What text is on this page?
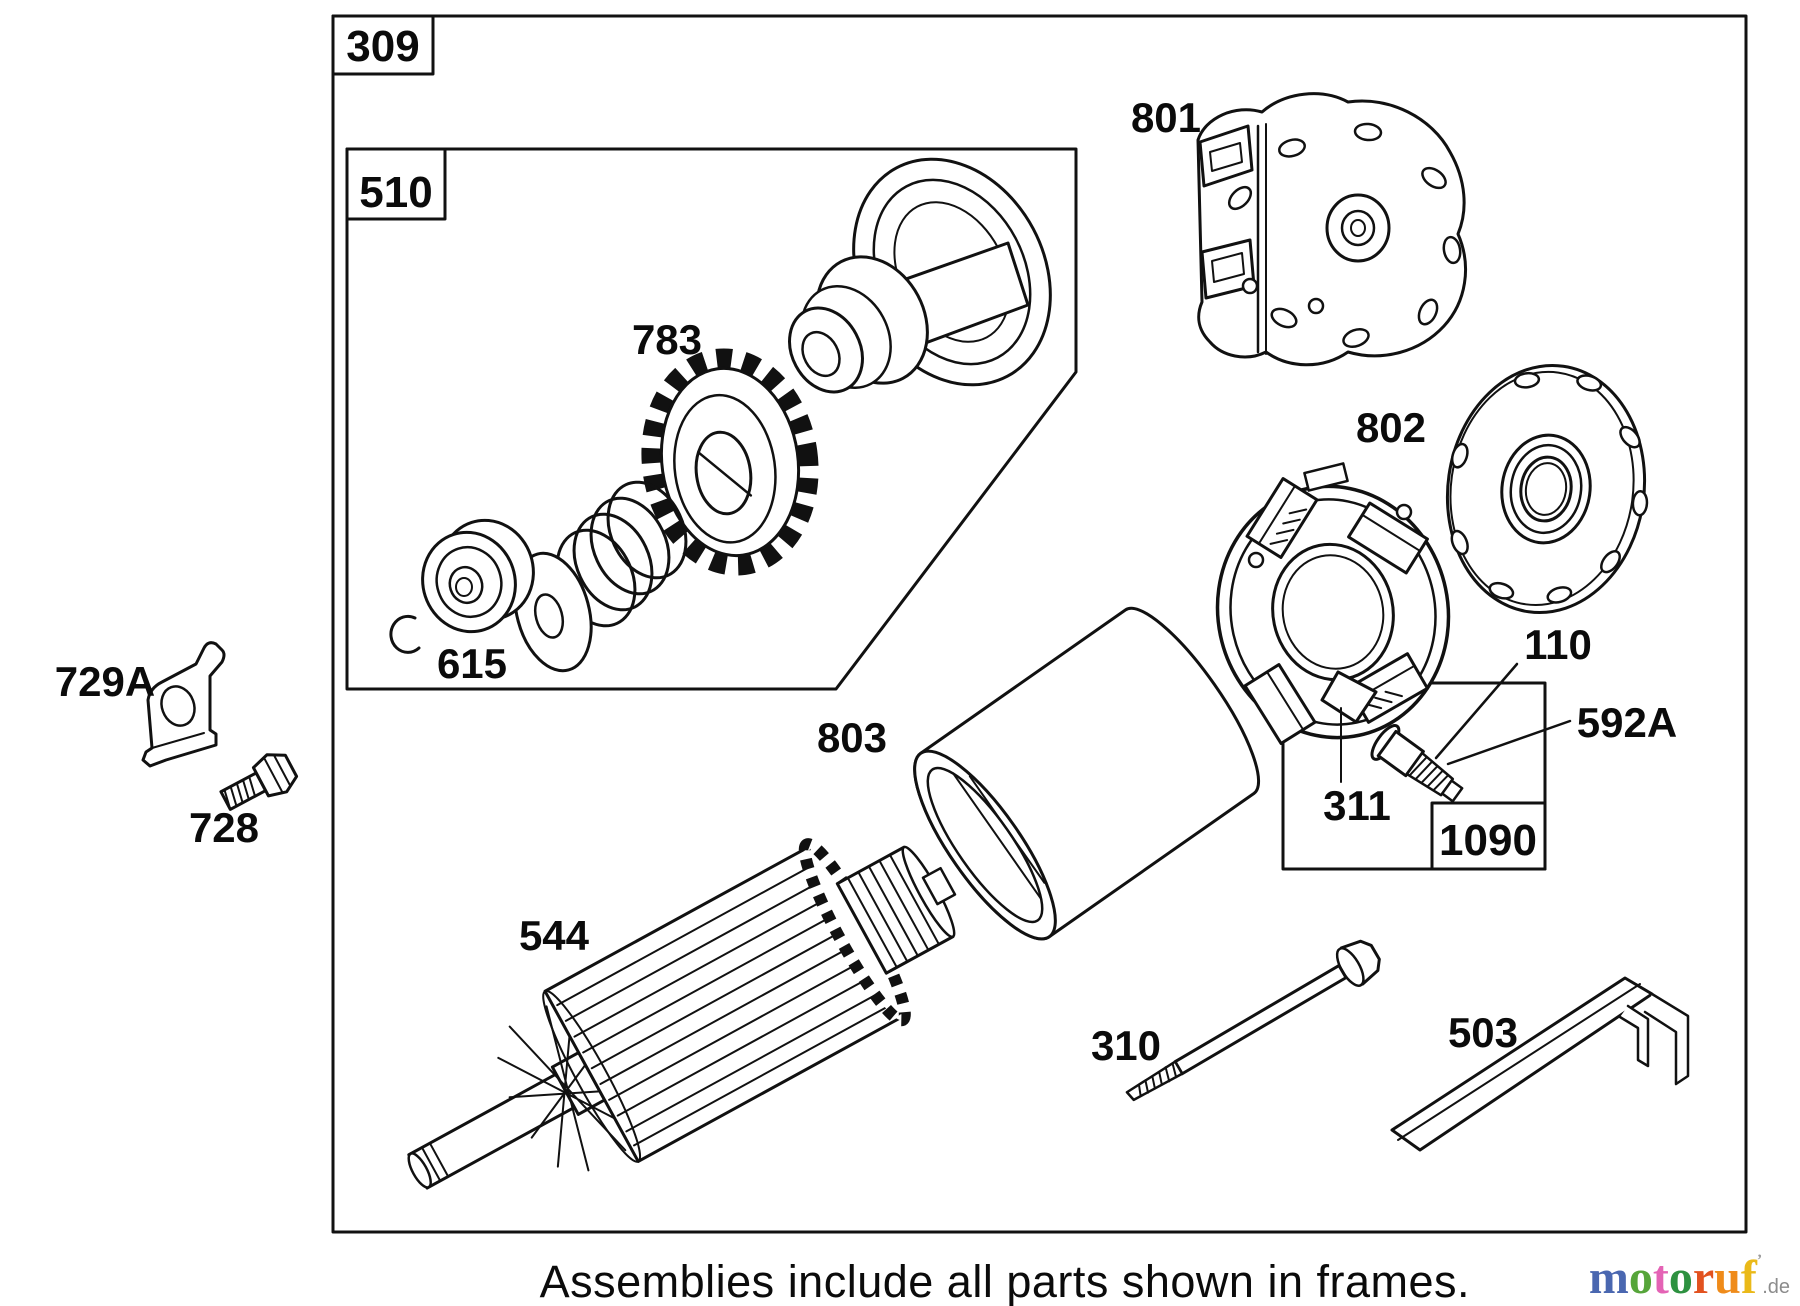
309
510
1090
783
615
801
802
110
592A
311
803
544
729A
728
310	503
Assemblies include all parts shown in frames. motoruf$^ʼ$.de
